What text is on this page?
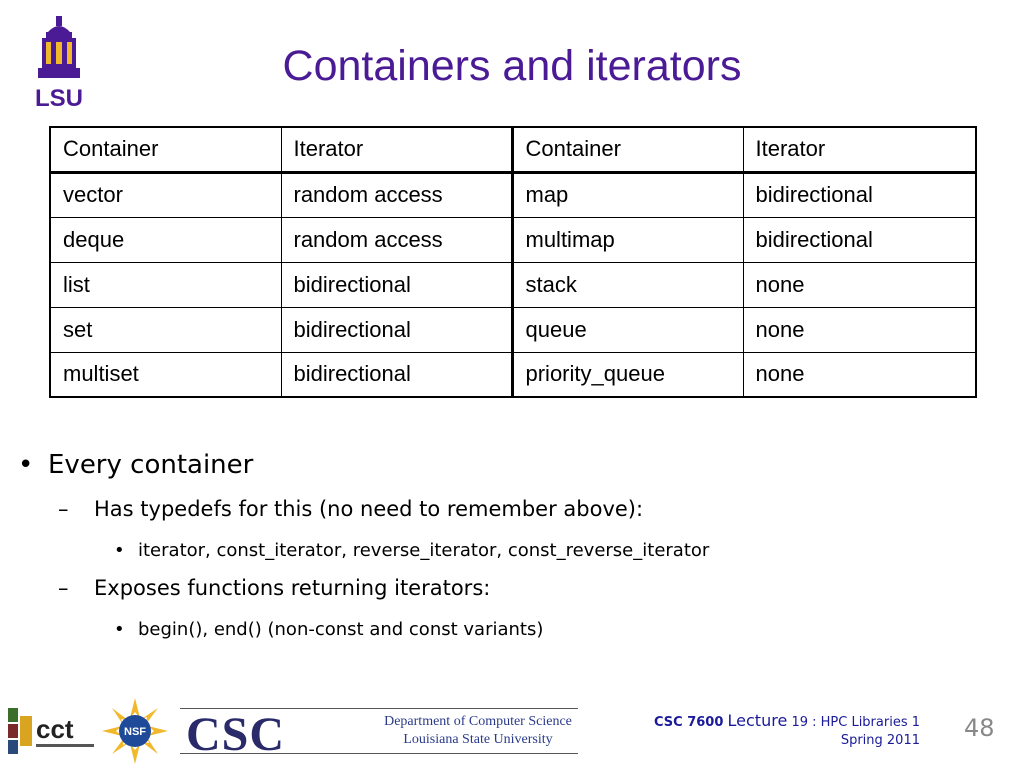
LSU
Containers and iterators
Container	Iterator	Container	Iterator
vector	random access	map	bidirectional
deque	random access	multimap	bidirectional
list	bidirectional	stack	none
set	bidirectional	queue	none
multiset	bidirectional	priority_queue	none
• Every container
– Has typedefs for this (no need to remember above):
• iterator, const_iterator, reverse_iterator, const_reverse_iterator
– Exposes functions returning iterators:
• begin(), end() (non-const and const variants)
cct	NSF CSC	Department of Computer Science
Louisiana State University
CSC 7600 Lecture 19 : HPC Libraries 1
Spring 2011 48
